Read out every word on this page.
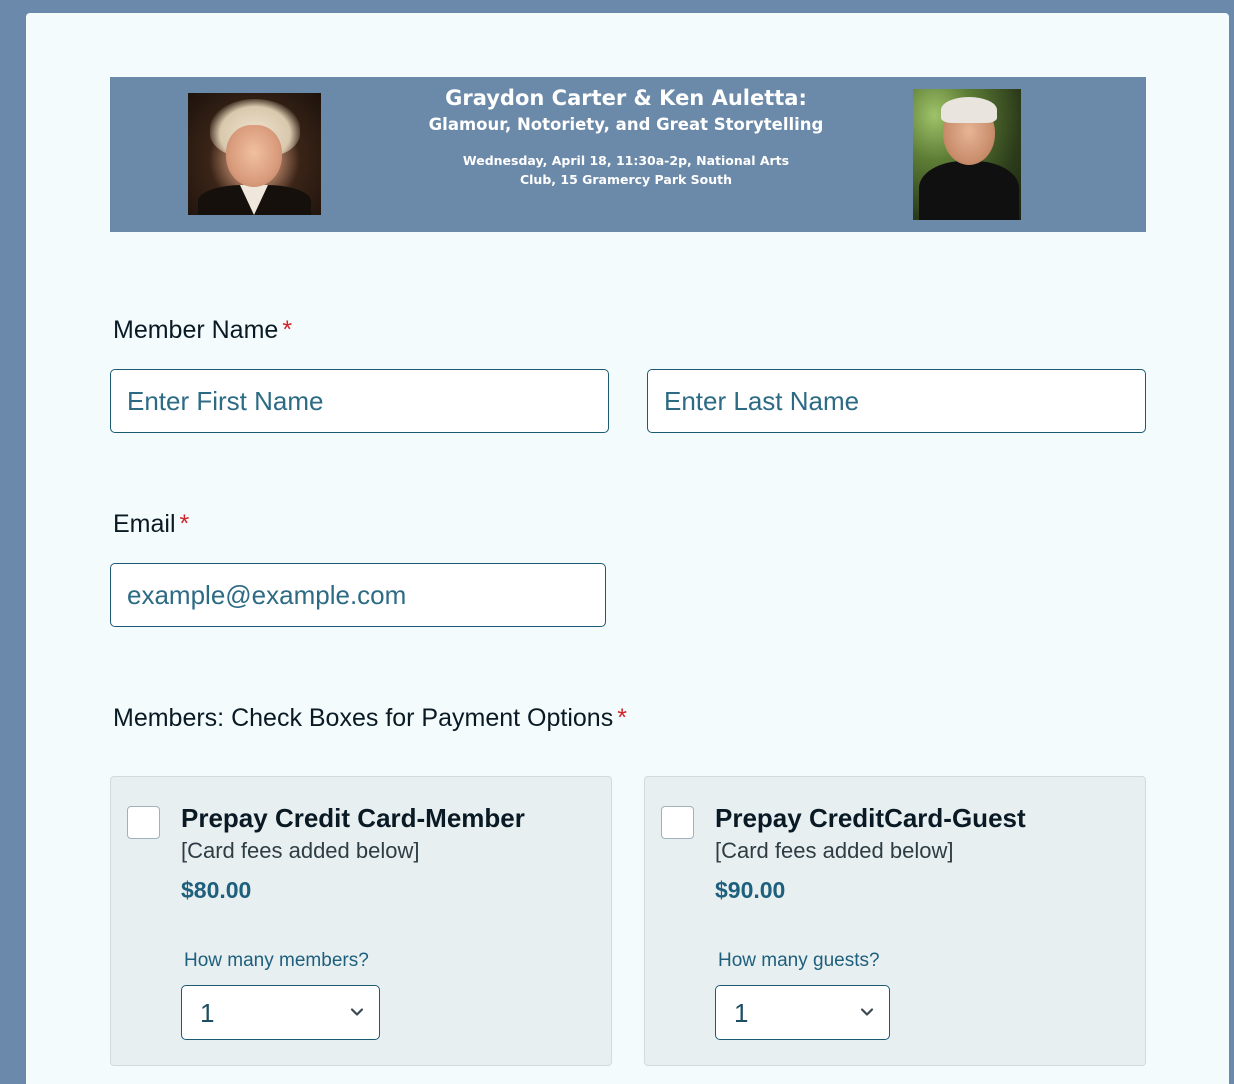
Graydon Carter & Ken Auletta:
Glamour, Notoriety, and Great Storytelling
Wednesday, April 18, 11:30a-2p, National Arts Club, 15 Gramercy Park South
Member Name *
Enter First Name
Enter Last Name
Email *
example@example.com
Members: Check Boxes for Payment Options *
Prepay Credit Card-Member
[Card fees added below]
$80.00
How many members?
1
Prepay CreditCard-Guest
[Card fees added below]
$90.00
How many guests?
1
